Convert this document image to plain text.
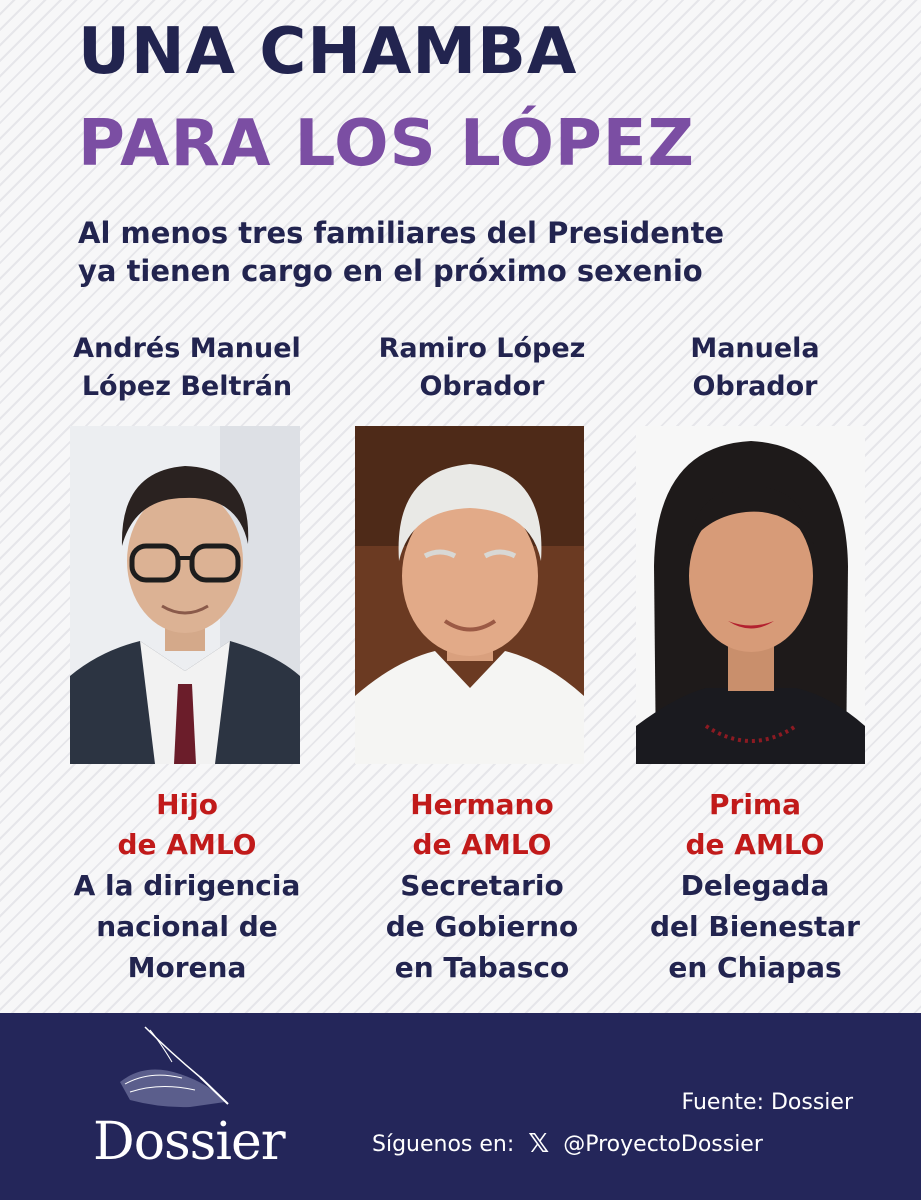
UNA CHAMBA
PARA LOS LÓPEZ
Al menos tres familiares del Presidente
ya tienen cargo en el próximo sexenio
Andrés Manuel
López Beltrán
Hijo
de AMLO
A la dirigencia
nacional de
Morena
Ramiro López
Obrador
Hermano
de AMLO
Secretario
de Gobierno
en Tabasco
Manuela
Obrador
Prima
de AMLO
Delegada
del Bienestar
en Chiapas
Dossier
Fuente: Dossier
Síguenos en: 𝕏 @ProyectoDossier
